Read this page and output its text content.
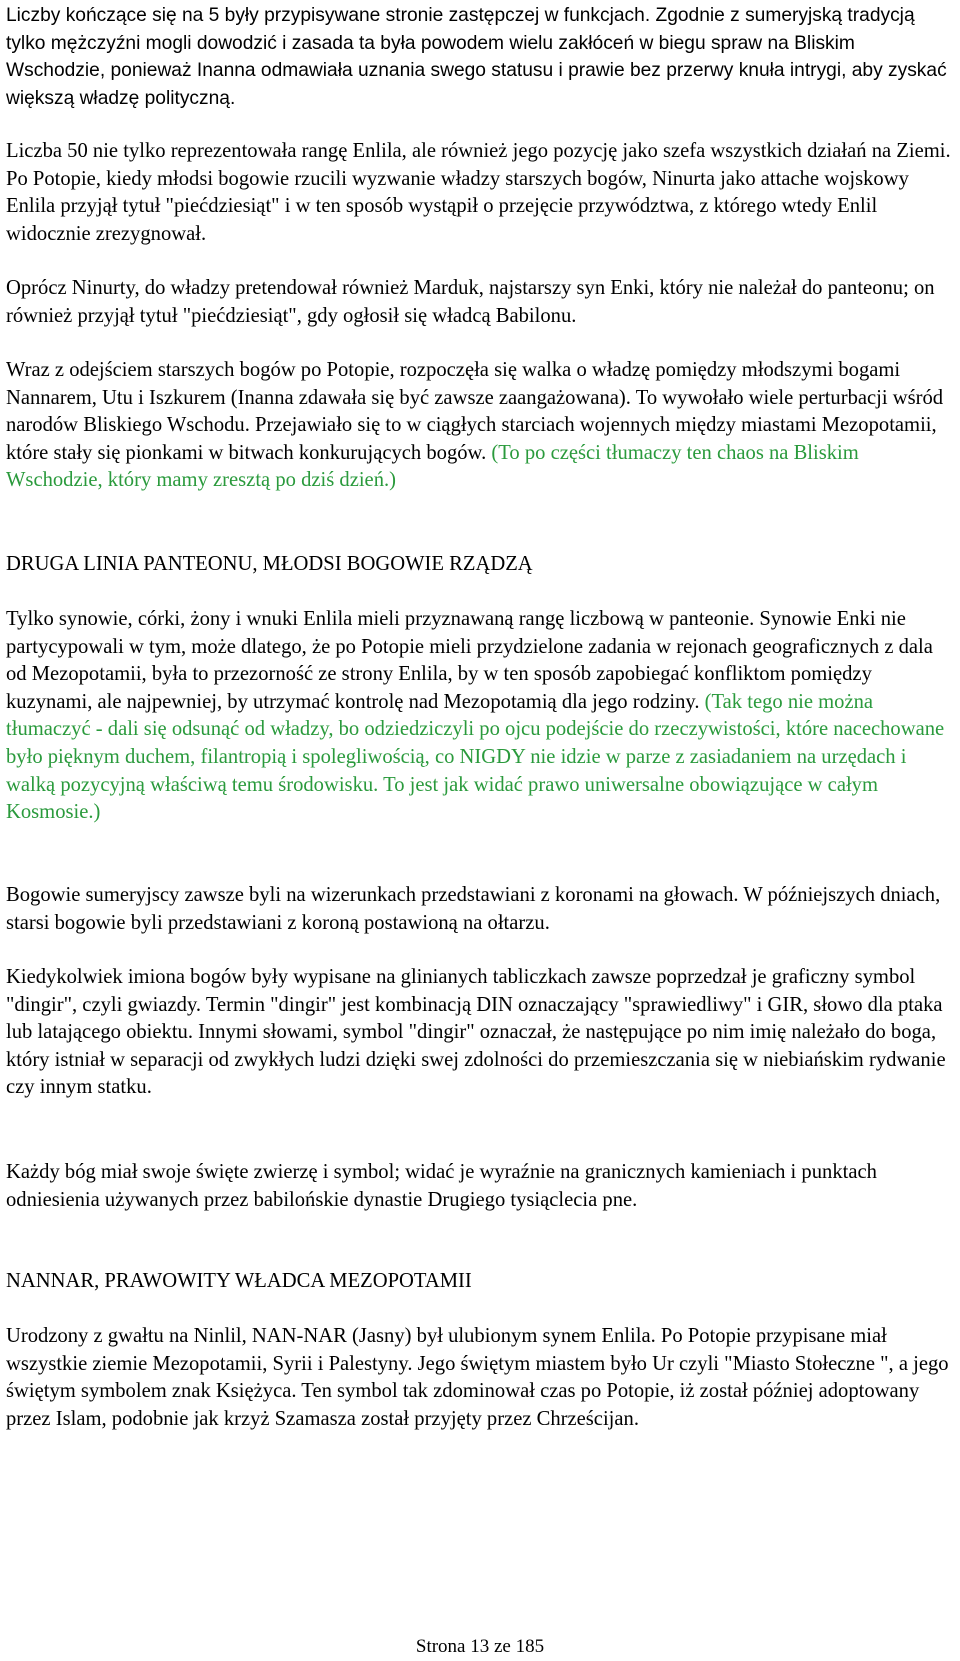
Liczby kończące się na 5 były przypisywane stronie zastępczej w funkcjach. Zgodnie z sumeryjską tradycją tylko mężczyźni mogli dowodzić i zasada ta była powodem wielu zakłóceń w biegu spraw na Bliskim Wschodzie, ponieważ Inanna odmawiała uznania swego statusu i prawie bez przerwy knuła intrygi, aby zyskać większą władzę polityczną.

Liczba 50 nie tylko reprezentowała rangę Enlila, ale również jego pozycję jako szefa wszystkich działań na Ziemi. Po Potopie, kiedy młodsi bogowie rzucili wyzwanie władzy starszych bogów, Ninurta jako attache wojskowy Enlila przyjął tytuł "piećdziesiąt" i w ten sposób wystąpił o przejęcie przywództwa, z którego wtedy Enlil widocznie zrezygnował.

Oprócz Ninurty, do władzy pretendował również Marduk, najstarszy syn Enki, który nie należał do panteonu; on również przyjął tytuł "piećdziesiąt", gdy ogłosił się władcą Babilonu.

Wraz z odejściem starszych bogów po Potopie, rozpoczęła się walka o władzę pomiędzy młodszymi bogami Nannarem, Utu i Iszkurem (Inanna zdawała się być zawsze zaangażowana). To wywołało wiele perturbacji wśród narodów Bliskiego Wschodu. Przejawiało się to w ciągłych starciach wojennych między miastami Mezopotamii, które stały się pionkami w bitwach konkurujących bogów. (To po części tłumaczy ten chaos na Bliskim Wschodzie, który mamy zresztą po dziś dzień.)

DRUGA LINIA PANTEONU, MŁODSI BOGOWIE RZĄDZĄ

Tylko synowie, córki, żony i wnuki Enlila mieli przyznawaną rangę liczbową w panteonie. Synowie Enki nie partycypowali w tym, może dlatego, że po Potopie mieli przydzielone zadania w rejonach geograficznych z dala od Mezopotamii, była to przezorność ze strony Enlila, by w ten sposób zapobiegać konfliktom pomiędzy kuzynami, ale najpewniej, by utrzymać kontrolę nad Mezopotamią dla jego rodziny. (Tak tego nie można tłumaczyć - dali się odsunąć od władzy, bo odziedziczyli po ojcu podejście do rzeczywistości, które nacechowane było pięknym duchem, filantropią i spolegliwością, co NIGDY nie idzie w parze z zasiadaniem na urzędach i walką pozycyjną właściwą temu środowisku. To jest jak widać prawo uniwersalne obowiązujące w całym Kosmosie.)

Bogowie sumeryjscy zawsze byli na wizerunkach przedstawiani z koronami na głowach. W późniejszych dniach, starsi bogowie byli przedstawiani z koroną postawioną na ołtarzu.

Kiedykolwiek imiona bogów były wypisane na glinianych tabliczkach zawsze poprzedzał je graficzny symbol "dingir", czyli gwiazdy. Termin "dingir" jest kombinacją DIN oznaczający "sprawiedliwy" i GIR, słowo dla ptaka lub latającego obiektu. Innymi słowami, symbol "dingir" oznaczał, że następujące po nim imię należało do boga, który istniał w separacji od zwykłych ludzi dzięki swej zdolności do przemieszczania się w niebiańskim rydwanie czy innym statku.

Każdy bóg miał swoje święte zwierzę i symbol; widać je wyraźnie na granicznych kamieniach i punktach odniesienia używanych przez babilońskie dynastie Drugiego tysiąclecia pne.

NANNAR, PRAWOWITY WŁADCA MEZOPOTAMII

Urodzony z gwałtu na Ninlil, NAN-NAR (Jasny) był ulubionym synem Enlila. Po Potopie przypisane miał wszystkie ziemie Mezopotamii, Syrii i Palestyny. Jego świętym miastem było Ur czyli "Miasto Stołeczne ", a jego świętym symbolem znak Księżyca. Ten symbol tak zdominował czas po Potopie, iż został później adoptowany przez Islam, podobnie jak krzyż Szamasza został przyjęty przez Chrześcijan.

Strona 13 ze 185
